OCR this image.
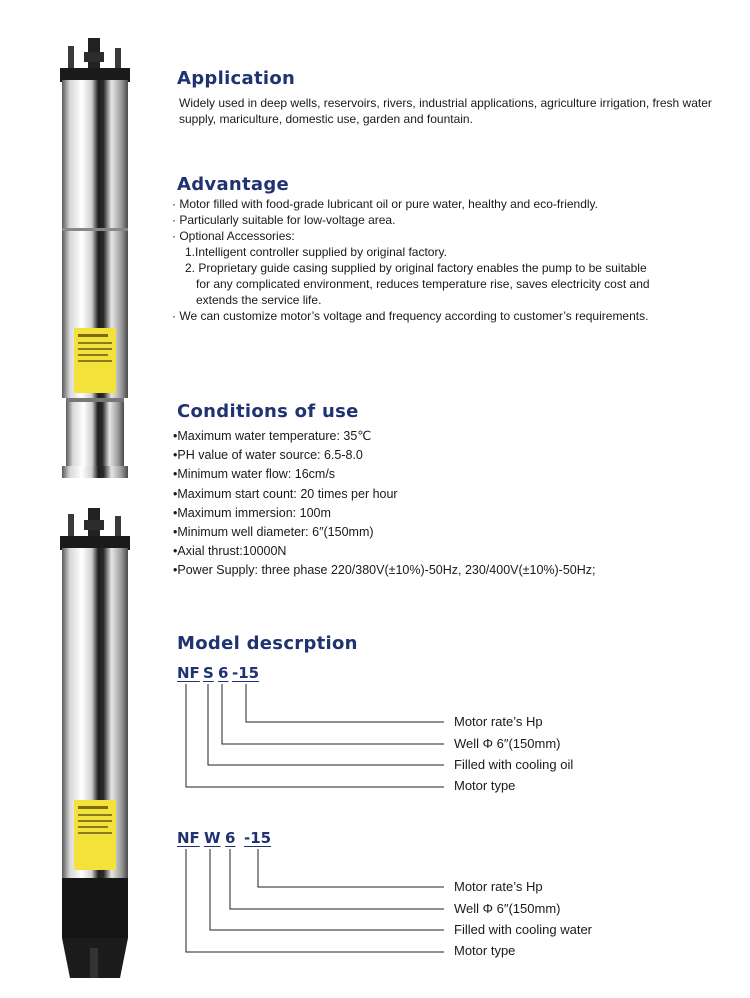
Application

Widely used in deep wells, reservoirs, rivers, industrial applications, agriculture irrigation, fresh water supply, mariculture, domestic use, garden and fountain.

Advantage
· Motor filled with food-grade lubricant oil or pure water, healthy and eco-friendly.
· Particularly suitable for low-voltage area.
· Optional Accessories:
1.Intelligent controller supplied by original factory.
2. Proprietary guide casing supplied by original factory enables the pump to be suitable
for any complicated environment, reduces temperature rise, saves electricity cost and
extends the service life.
· We can customize motor’s voltage and frequency according to customer’s requirements.
Conditions of use
•Maximum water temperature: 35℃
•PH value of water source: 6.5-8.0
•Minimum water flow: 16cm/s
•Maximum start count: 20 times per hour
•Maximum immersion: 100m
•Minimum well diameter: 6″(150mm)
•Axial thrust:10000N
•Power Supply: three phase 220/380V(±10%)-50Hz, 230/400V(±10%)-50Hz;
Model descrption
NF S 6 -15

Motor rate’s Hp

Well Φ 6″(150mm)

Filled with cooling oil

Motor type

NF W 6 -15

Motor rate’s Hp

Well Φ 6″(150mm)

Filled with cooling water

Motor type
